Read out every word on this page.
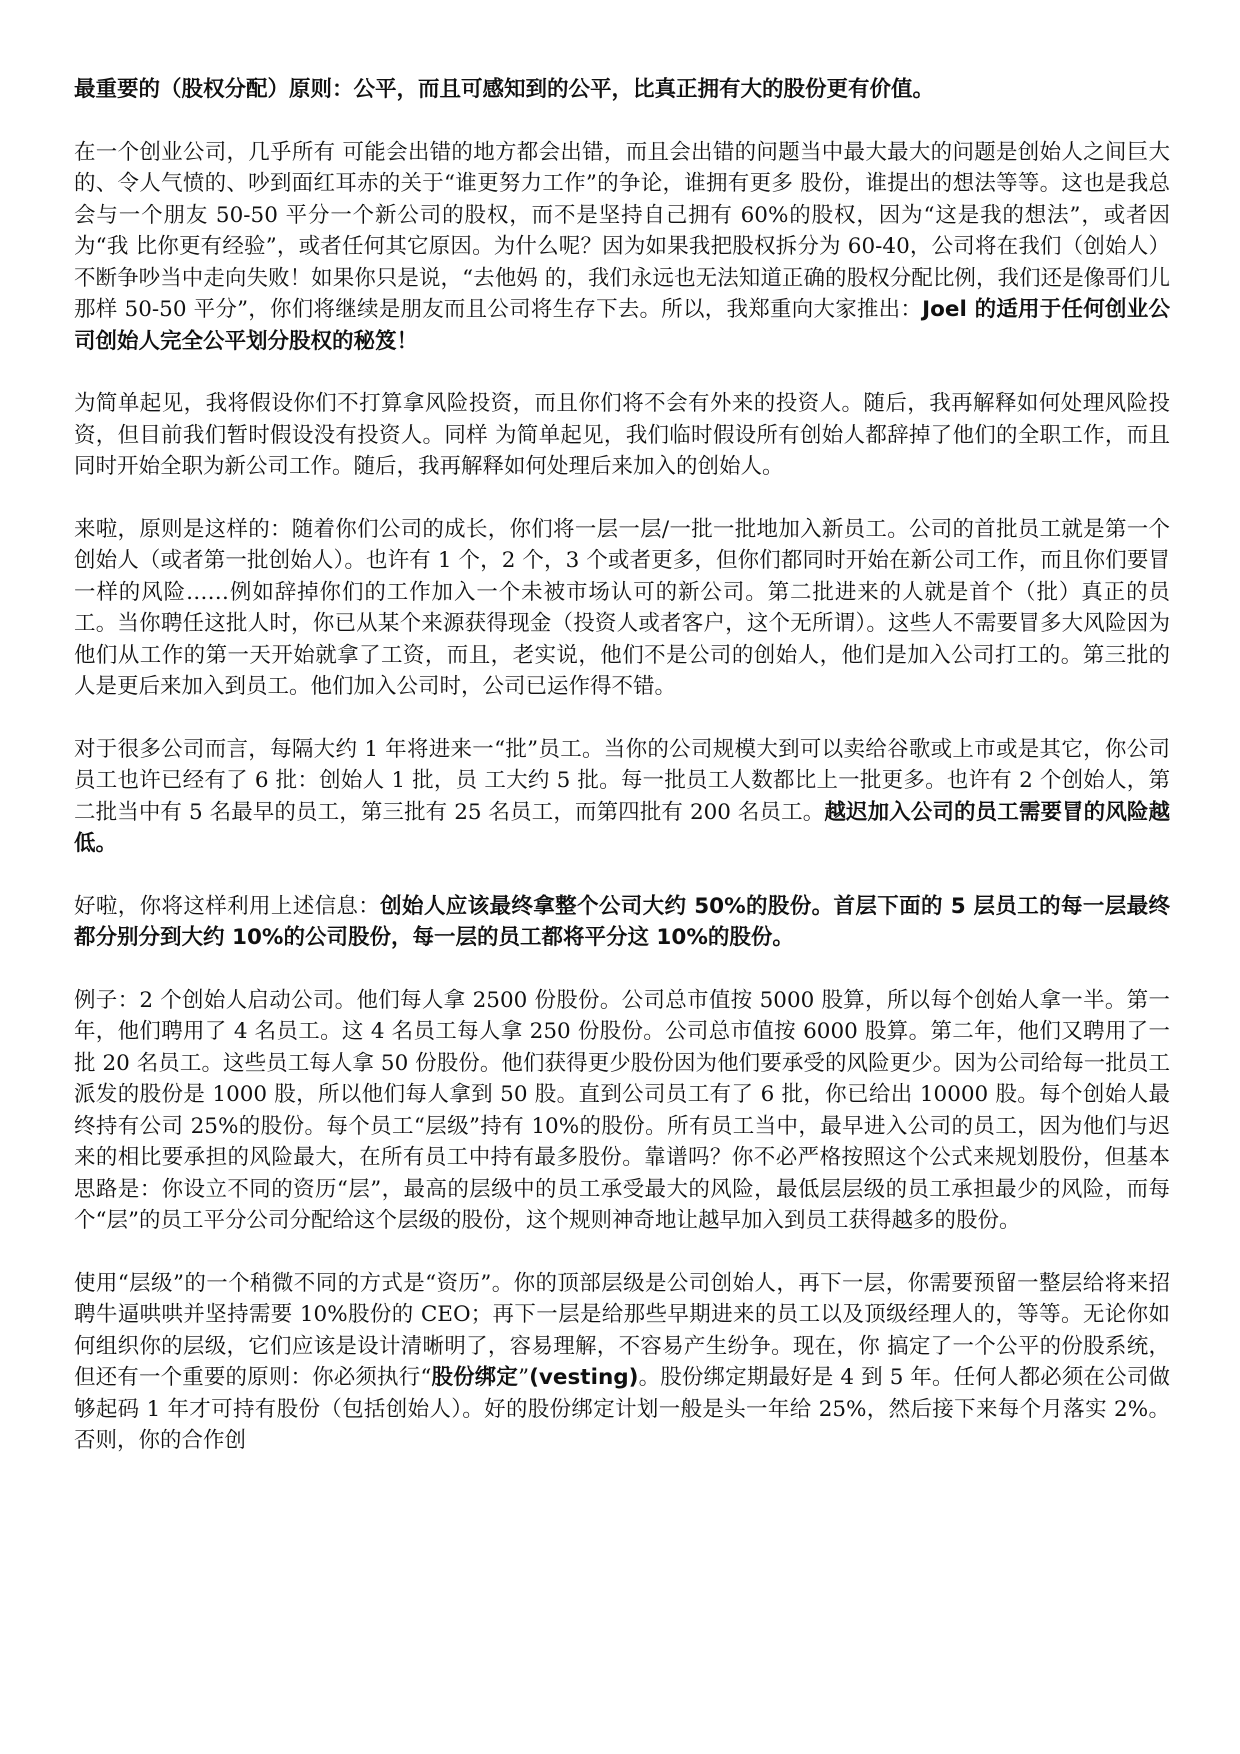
最重要的（股权分配）原则：公平，而且可感知到的公平，比真正拥有大的股份更有价值。

在一个创业公司，几乎所有 可能会出错的地方都会出错，而且会出错的问题当中最大最大的问题是创始人之间巨大的、令人气愤的、吵到面红耳赤的关于“谁更努力工作”的争论，谁拥有更多 股份，谁提出的想法等等。这也是我总会与一个朋友 50-50 平分一个新公司的股权，而不是坚持自己拥有 60%的股权，因为“这是我的想法”，或者因为“我 比你更有经验”，或者任何其它原因。为什么呢？因为如果我把股权拆分为 60-40，公司将在我们（创始人）不断争吵当中走向失败！如果你只是说，“去他妈 的，我们永远也无法知道正确的股权分配比例，我们还是像哥们儿那样 50-50 平分”，你们将继续是朋友而且公司将生存下去。所以，我郑重向大家推出：Joel 的适用于任何创业公司创始人完全公平划分股权的秘笈！

为简单起见，我将假设你们不打算拿风险投资，而且你们将不会有外来的投资人。随后，我再解释如何处理风险投资，但目前我们暂时假设没有投资人。同样 为简单起见，我们临时假设所有创始人都辞掉了他们的全职工作，而且同时开始全职为新公司工作。随后，我再解释如何处理后来加入的创始人。

来啦，原则是这样的：随着你们公司的成长，你们将一层一层/一批一批地加入新员工。公司的首批员工就是第一个创始人（或者第一批创始人）。也许有 1 个，2 个，3 个或者更多，但你们都同时开始在新公司工作，而且你们要冒一样的风险……例如辞掉你们的工作加入一个未被市场认可的新公司。第二批进来的人就是首个（批）真正的员工。当你聘任这批人时，你已从某个来源获得现金（投资人或者客户，这个无所谓）。这些人不需要冒多大风险因为他们从工作的第一天开始就拿了工资，而且，老实说，他们不是公司的创始人，他们是加入公司打工的。第三批的人是更后来加入到员工。他们加入公司时，公司已运作得不错。

对于很多公司而言，每隔大约 1 年将进来一“批”员工。当你的公司规模大到可以卖给谷歌或上市或是其它，你公司员工也许已经有了 6 批：创始人 1 批，员 工大约 5 批。每一批员工人数都比上一批更多。也许有 2 个创始人，第二批当中有 5 名最早的员工，第三批有 25 名员工，而第四批有 200 名员工。越迟加入公司的员工需要冒的风险越低。

好啦，你将这样利用上述信息：创始人应该最终拿整个公司大约 50%的股份。首层下面的 5 层员工的每一层最终都分别分到大约 10%的公司股份，每一层的员工都将平分这 10%的股份。

例子：2 个创始人启动公司。他们每人拿 2500 份股份。公司总市值按 5000 股算，所以每个创始人拿一半。第一年，他们聘用了 4 名员工。这 4 名员工每人拿 250 份股份。公司总市值按 6000 股算。第二年，他们又聘用了一批 20 名员工。这些员工每人拿 50 份股份。他们获得更少股份因为他们要承受的风险更少。因为公司给每一批员工派发的股份是 1000 股，所以他们每人拿到 50 股。直到公司员工有了 6 批，你已给出 10000 股。每个创始人最终持有公司 25%的股份。每个员工“层级”持有 10%的股份。所有员工当中，最早进入公司的员工，因为他们与迟来的相比要承担的风险最大，在所有员工中持有最多股份。靠谱吗？你不必严格按照这个公式来规划股份，但基本思路是：你设立不同的资历“层”，最高的层级中的员工承受最大的风险，最低层层级的员工承担最少的风险，而每个“层”的员工平分公司分配给这个层级的股份，这个规则神奇地让越早加入到员工获得越多的股份。

使用“层级”的一个稍微不同的方式是“资历”。你的顶部层级是公司创始人，再下一层，你需要预留一整层给将来招聘牛逼哄哄并坚持需要 10%股份的 CEO；再下一层是给那些早期进来的员工以及顶级经理人的，等等。无论你如何组织你的层级，它们应该是设计清晰明了，容易理解，不容易产生纷争。现在，你 搞定了一个公平的份股系统，但还有一个重要的原则：你必须执行“股份绑定”(vesting)。股份绑定期最好是 4 到 5 年。任何人都必须在公司做够起码 1 年才可持有股份（包括创始人）。好的股份绑定计划一般是头一年给 25%，然后接下来每个月落实 2%。否则，你的合作创
